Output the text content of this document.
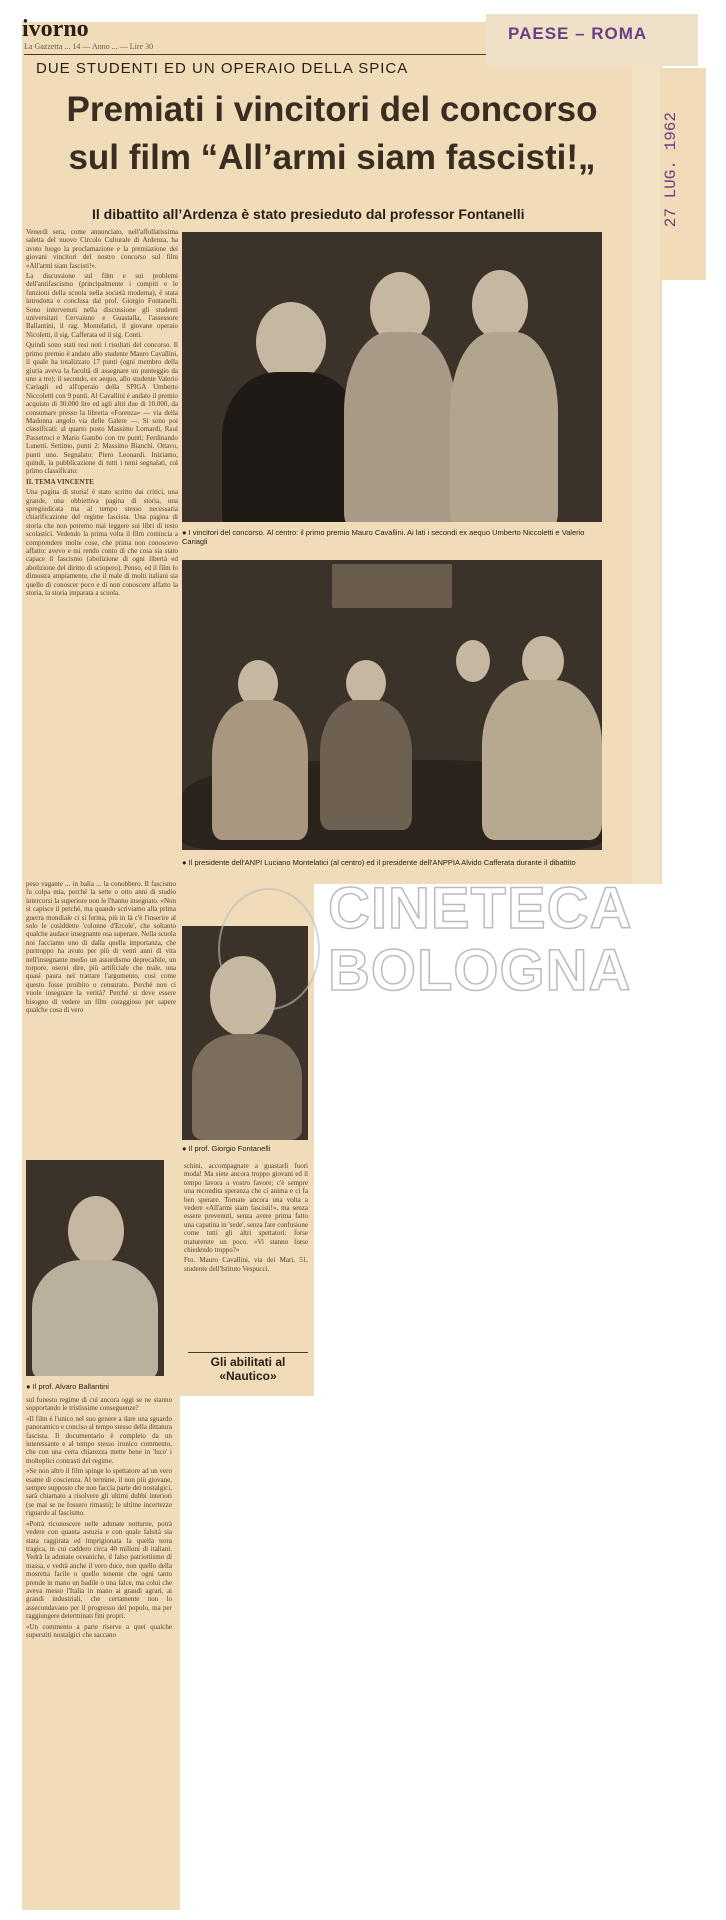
ivorno
La Gazzetta ... 14 — Anno ... — Lire 30
PAESE – ROMA
27 LUG. 1962
DUE STUDENTI ED UN OPERAIO DELLA SPICA
Premiati i vincitori del concorso
sul film “All’armi siam fascisti!„
Il dibattito all’Ardenza è stato presieduto dal professor Fontanelli

Venerdì sera, come annunciato, nell'affollatissima saletta del nuovo Circolo Culturale di Ardenza, ha avuto luogo la proclamazione e la premiazione dei giovani vincitori del nostro concorso sul film «All'armi siam fascisti!».

La discussione sul film e sui problemi dell'antifascismo (principalmente i compiti e le funzioni della scuola nella società moderna), è stata introdotta e conclusa dal prof. Giorgio Fontanelli. Sono intervenuti nella discussione gli studenti universitari Cervaiuno e Guastalla, l'assessore Ballantini, il rag. Montelatici, il giovane operaio Nicoletti, il sig. Cafferata ed il sig. Conti.

Quindi sono stati resi noti i risultati del concorso. Il primo premio è andato allo studente Mauro Cavallini, il quale ha totalizzato 17 punti (ogni membro della giuria aveva la facoltà di assegnare un punteggio da uno a tre); il secondo, ex aequo, allo studente Valerio Cariagli ed all'operaio della SPIGA Umberto Niccoletti con 9 punti. Al Cavallini è andato il premio acquisto di 30.000 lire ed agli altri due di 10.000, da consumare presso la libreria «Forenza» — via della Madonna angolo via delle Galere —. Si sono poi classificati: al quarto posto Massimo Lomardi, Raul Passetroci e Mario Gambo con tre punti; Ferdinando Lunetti. Settimo, punti 2: Massimo Bianchi. Ottavo, punti uno. Segnalato: Piero Leonardi. Iniziamo, quindi, la pubblicazione di tutti i temi segnalati, col primo classificato:

IL TEMA VINCENTE

Una pagina di storia! è stato scritto dai critici, una grande, una obbiettiva pagina di storia, una spregiudicata ma al tempo stesso necessaria chiarificazione del regime fascista. Una pagina di storia che non potremo mai leggere sui libri di testo scolastici. Vedendo la prima volta il film comincia a comprendere molte cose, che prima non conoscevo affatto: avevo e mi rendo conto di che cosa sia stato capace il fascismo (abolizione di ogni libertà ed abolizione del diritto di sciopero). Penso, ed il film lo dimostra ampiamente, che il male di molti italiani sia quello di conoscer poco e di non conoscere affatto la storia, la storia imparata a scuola.

● I vincitori del concorso. Al centro: il primo premio Mauro Cavallini. Ai lati i secondi ex aequo Umberto Niccoletti e Valerio Cariagli
● Il presidente dell'ANPI Luciano Montelatici (al centro) ed il presidente dell'ANPPIA Alvido Cafferata durante il dibattito
● Il prof. Alvaro Ballantini

peso vagante ... in balìa ... la conobbero. Il fascismo fu colpa mia, perché la sette o otto anni di studio intercorsi la superiore non le l'hanno insegnato. «Non si capisce il perché, ma quando scriviamo alla prima guerra mondiale ci si ferma, più in là c'è l'inserire al solo le cosiddette 'colonne d'Ercole', che soltanto qualche audace insegnante osa superare. Nella scuola noi facciamo uno di dalla quella importanza, che purtroppo ha avuto per più di venti anni di vita nell'insegnante medio un assurdismo deprecabile, un torpore, oserei dire, più artificiale che reale, una quasi paura nel trattare l'argomento, così come questo fosse proibito o censurato. Perché non ci vuole insegnare la verità? Perché si deve essere bisogno di vedere un film coraggioso per sapere qualche cosa di vero

● Il prof. Giorgio Fontanelli

schini, accompagnate a guastarli fuori moda! Ma siete ancora troppo giovani ed il tempo lavora a vostro favore; c'è sempre una recondita speranza che ci anima e ci fa ben sperare. Tornate ancora una volta a vedere «All'armi siam fascisti!», ma senza essere prevenuti, senza avere prima fatto una capatina in 'sede', senza fare confusione come tutti gli altri spettatori: forse maturerete un poco. «Vi stanno forse chiedendo troppo?»

Fto. Mauro Cavallini, via dei Mari, 51, studente dell'Istituto Vespucci.

Gli abilitati al «Nautico»

sul funesto regime di cui ancora oggi se ne stanno sopportando le tristissime conseguenze?

«Il film è l'unico nel suo genere a dare una sguardo panoramico e conciso al tempo stesso della dittatura fascista. Il documentario è completo da un interessante e al tempo stesso ironico commento, che con una certa chiarezza mette bene in 'luce' i molteplici contrasti del regime.

«Se non altro il film spinge lo spettatore ad un vero esame di coscienza. Al termine, il non più giovane, sempre supposto che non faccia parte dei nostalgici, sarà chiamato a risolvere gli ultimi dubbi interiori (se mai se ne fossero rimasti); le ultime incertezze riguardo al fascismo.

«Potrà riconoscere nelle adunate notturne, potrà vedere con quanta astuzia e con quale falsità sia stata raggirata ed imprigionata la quella terra tragica, in cui caddero circa 40 milioni di italiani. Vedrà la adunate oceaniche, il falso patriottismo di massa, e vedrà anche il vero duce, non quello della mosretta facile o quello tenente che ogni tanto prende in mano un badile o una falce, ma colui che aveva messo l'Italia in mano ai grandi agrari, ai grandi industriali, che certamente non lo assecondavano per il progresso del popolo, ma per raggiungere determinati fini propri.

«Un commento a parte riserve a quei qualche superstiti nostalgici che saccano

CINETECA
BOLOGNA
